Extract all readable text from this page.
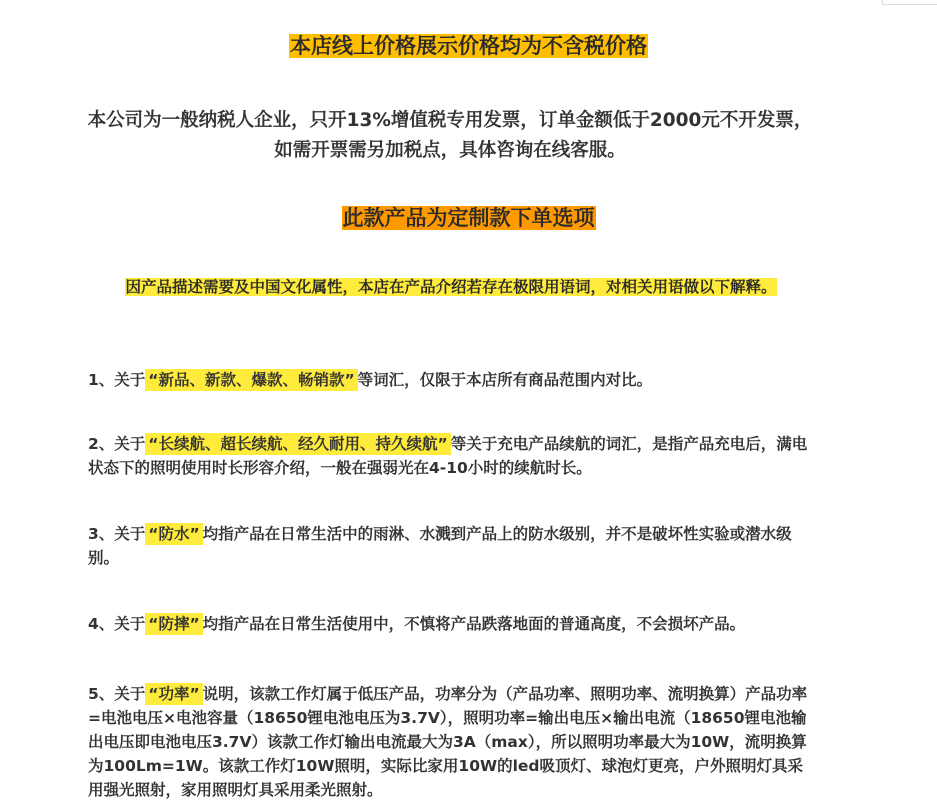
本店线上价格展示价格均为不含税价格
本公司为一般纳税人企业，只开13%增值税专用发票，订单金额低于2000元不开发票，如需开票需另加税点，具体咨询在线客服。
此款产品为定制款下单选项
因产品描述需要及中国文化属性，本店在产品介绍若存在极限用语词，对相关用语做以下解释。
1、关于 “新品、新款、爆款、畅销款” 等词汇，仅限于本店所有商品范围内对比。
2、关于 “长续航、超长续航、经久耐用、持久续航” 等关于充电产品续航的词汇，是指产品充电后，满电状态下的照明使用时长形容介绍，一般在强弱光在4-10小时的续航时长。
3、关于 “防水” 均指产品在日常生活中的雨淋、水溅到产品上的防水级别，并不是破坏性实验或潜水级别。
4、关于 “防摔” 均指产品在日常生活使用中，不慎将产品跌落地面的普通高度，不会损坏产品。
5、关于 “功率” 说明，该款工作灯属于低压产品，功率分为（产品功率、照明功率、流明换算）产品功率=电池电压×电池容量（18650锂电池电压为3.7V），照明功率=输出电压×输出电流（18650锂电池输出电压即电池电压3.7V）该款工作灯输出电流最大为3A（max），所以照明功率最大为10W，流明换算为100Lm=1W。该款工作灯10W照明，实际比家用10W的led吸顶灯、球泡灯更亮，户外照明灯具采用强光照射，家用照明灯具采用柔光照射。
